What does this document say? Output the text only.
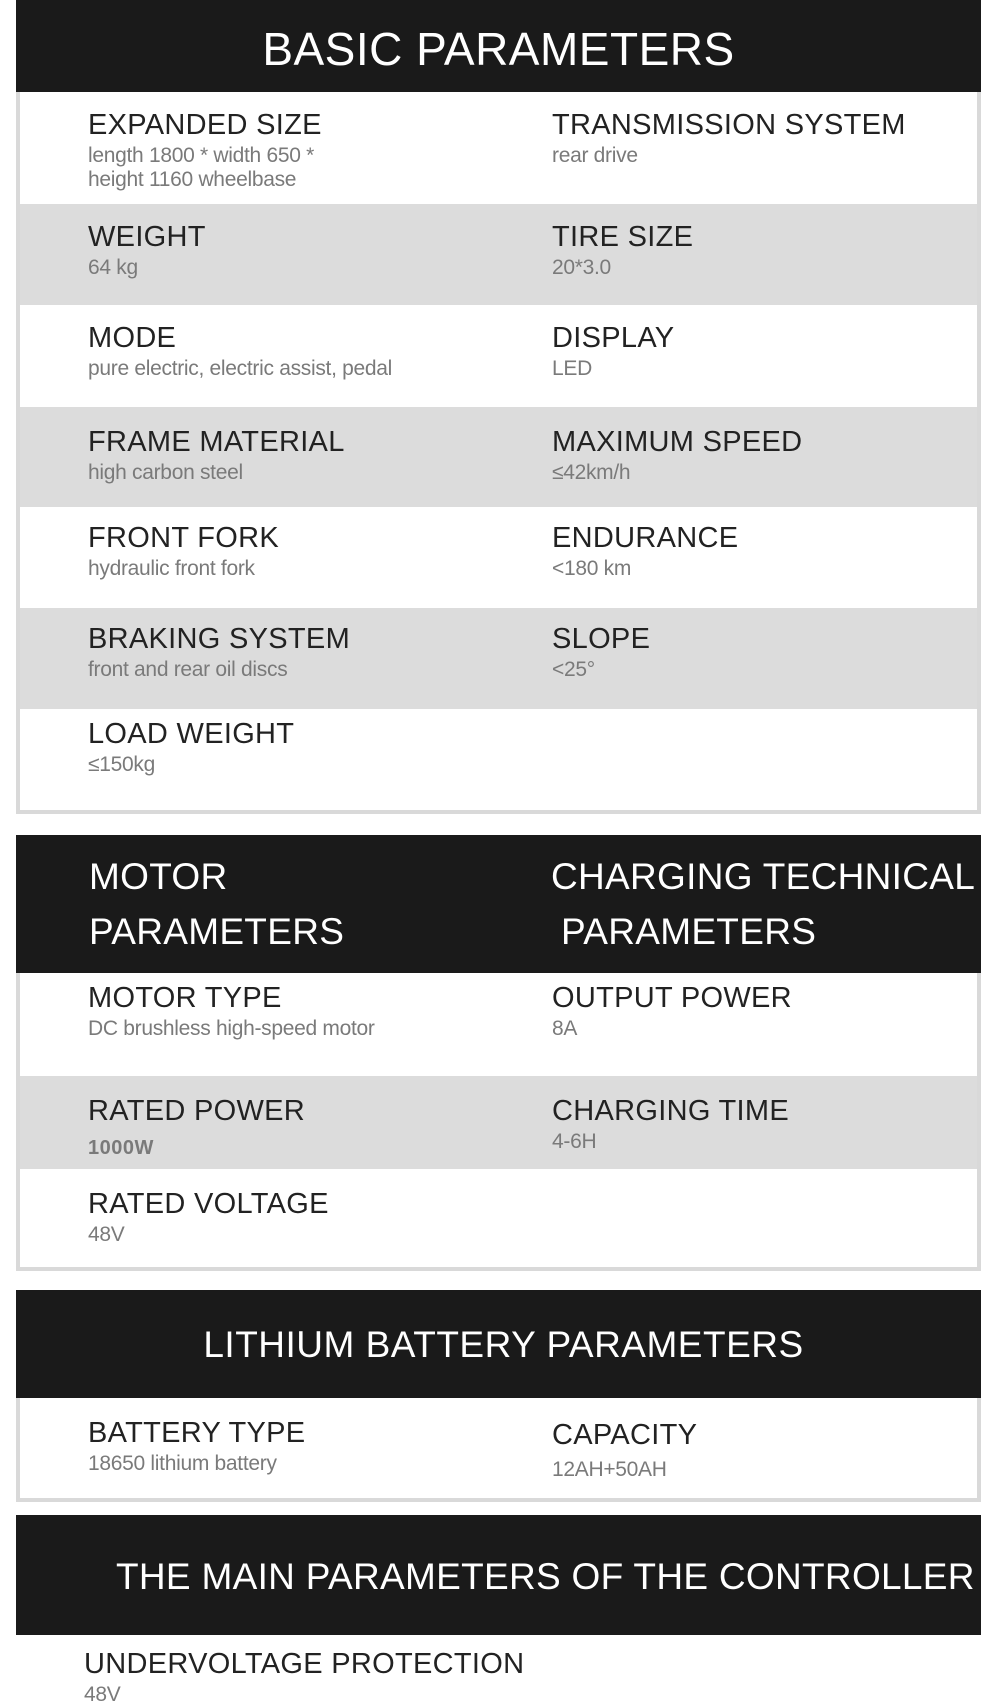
BASIC PARAMETERS
EXPANDED SIZE
length 1800 * width 650 * height 1160 wheelbase
TRANSMISSION SYSTEM
rear drive
WEIGHT
64 kg
TIRE SIZE
20*3.0
MODE
pure electric, electric assist, pedal
DISPLAY
LED
FRAME MATERIAL
high carbon steel
MAXIMUM SPEED
≤42km/h
FRONT FORK
hydraulic front fork
ENDURANCE
<180 km
BRAKING SYSTEM
front and rear oil discs
SLOPE
<25°
LOAD WEIGHT
≤150kg
MOTOR
PARAMETERS
CHARGING TECHNICAL
PARAMETERS
MOTOR TYPE
DC brushless high-speed motor
OUTPUT POWER
8A
RATED POWER
1000W
CHARGING TIME
4-6H
RATED VOLTAGE
48V
LITHIUM BATTERY PARAMETERS
BATTERY TYPE
18650 lithium battery
CAPACITY
12AH+50AH
THE MAIN PARAMETERS OF THE CONTROLLER
UNDERVOLTAGE PROTECTION
48V
